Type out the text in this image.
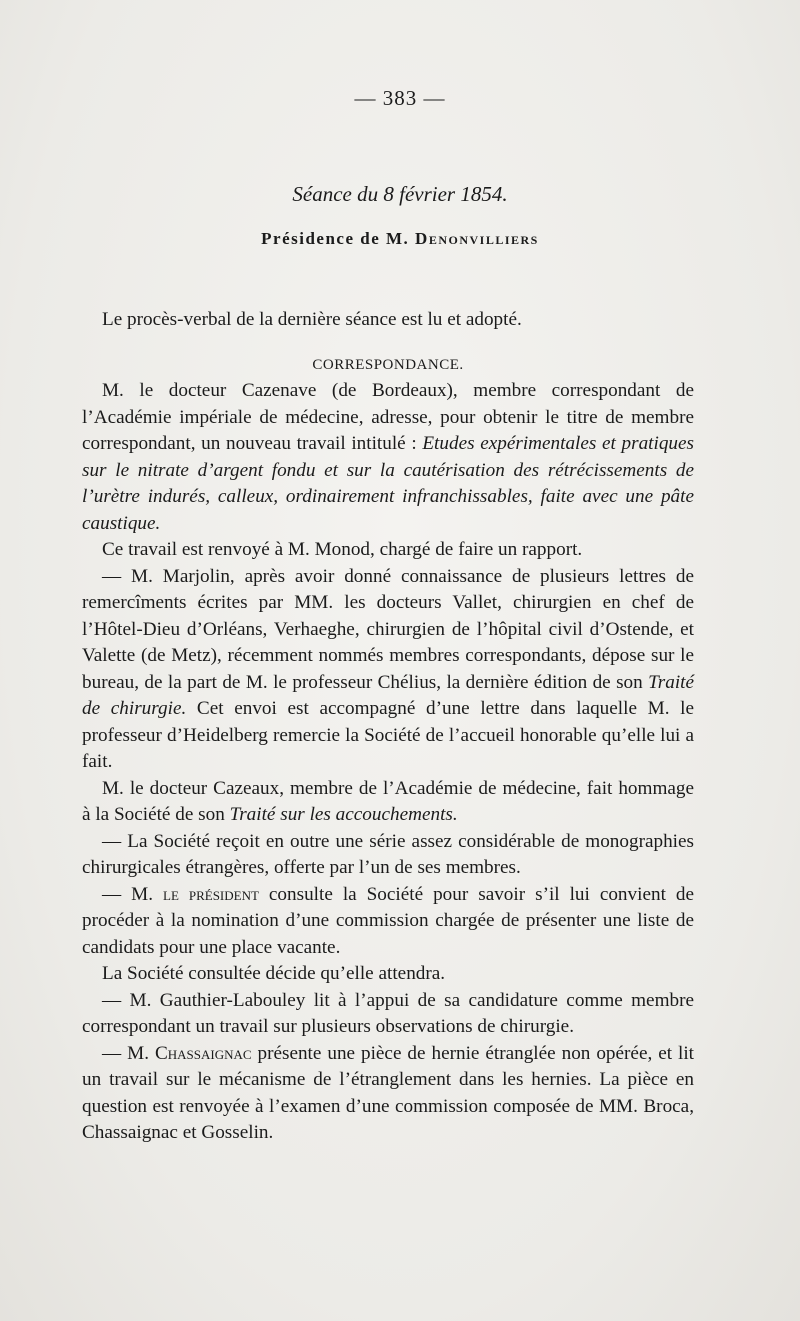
— 383 —
Séance du 8 février 1854.
Présidence de M. Denonvilliers

Le procès-verbal de la dernière séance est lu et adopté.

CORRESPONDANCE.

M. le docteur Cazenave (de Bordeaux), membre correspondant de l’Académie impériale de médecine, adresse, pour obtenir le titre de membre correspondant, un nouveau travail intitulé : Etudes expérimentales et pratiques sur le nitrate d’argent fondu et sur la cautérisation des rétrécissements de l’urètre indurés, calleux, ordinairement infranchissables, faite avec une pâte caustique.

Ce travail est renvoyé à M. Monod, chargé de faire un rapport.

— M. Marjolin, après avoir donné connaissance de plusieurs lettres de remercîments écrites par MM. les docteurs Vallet, chirurgien en chef de l’Hôtel-Dieu d’Orléans, Verhaeghe, chirurgien de l’hôpital civil d’Ostende, et Valette (de Metz), récemment nommés membres correspondants, dépose sur le bureau, de la part de M. le professeur Chélius, la dernière édition de son Traité de chirurgie. Cet envoi est accompagné d’une lettre dans laquelle M. le professeur d’Heidelberg remercie la Société de l’accueil honorable qu’elle lui a fait.

M. le docteur Cazeaux, membre de l’Académie de médecine, fait hommage à la Société de son Traité sur les accouchements.

— La Société reçoit en outre une série assez considérable de monographies chirurgicales étrangères, offerte par l’un de ses membres.

— M. le président consulte la Société pour savoir s’il lui convient de procéder à la nomination d’une commission chargée de présenter une liste de candidats pour une place vacante.

La Société consultée décide qu’elle attendra.

— M. Gauthier-Labouley lit à l’appui de sa candidature comme membre correspondant un travail sur plusieurs observations de chirurgie.

— M. Chassaignac présente une pièce de hernie étranglée non opérée, et lit un travail sur le mécanisme de l’étranglement dans les hernies. La pièce en question est renvoyée à l’examen d’une commission composée de MM. Broca, Chassaignac et Gosselin.
